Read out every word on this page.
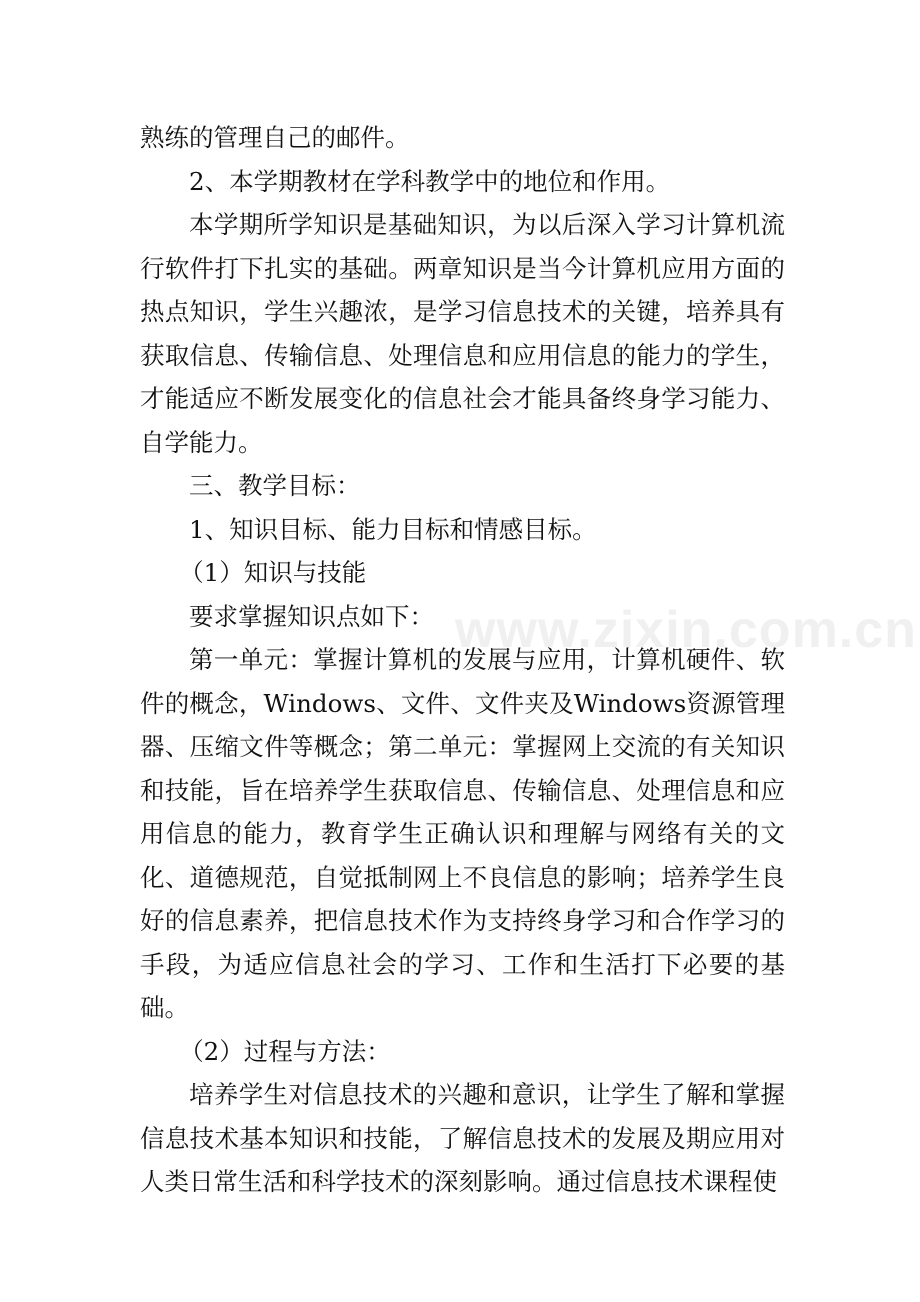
熟练的管理自己的邮件。

2、本学期教材在学科教学中的地位和作用。

本学期所学知识是基础知识，为以后深入学习计算机流行软件打下扎实的基础。两章知识是当今计算机应用方面的热点知识，学生兴趣浓，是学习信息技术的关键，培养具有获取信息、传输信息、处理信息和应用信息的能力的学生，才能适应不断发展变化的信息社会才能具备终身学习能力、自学能力。

三、教学目标：

1、知识目标、能力目标和情感目标。

（1）知识与技能

要求掌握知识点如下：

第一单元：掌握计算机的发展与应用，计算机硬件、软件的概念，Windows、文件、文件夹及Windows资源管理器、压缩文件等概念；第二单元：掌握网上交流的有关知识和技能，旨在培养学生获取信息、传输信息、处理信息和应用信息的能力，教育学生正确认识和理解与网络有关的文化、道德规范，自觉抵制网上不良信息的影响；培养学生良好的信息素养，把信息技术作为支持终身学习和合作学习的手段，为适应信息社会的学习、工作和生活打下必要的基础。

（2）过程与方法：

培养学生对信息技术的兴趣和意识，让学生了解和掌握信息技术基本知识和技能，了解信息技术的发展及期应用对人类日常生活和科学技术的深刻影响。通过信息技术课程使

www.zixin.com.cn
